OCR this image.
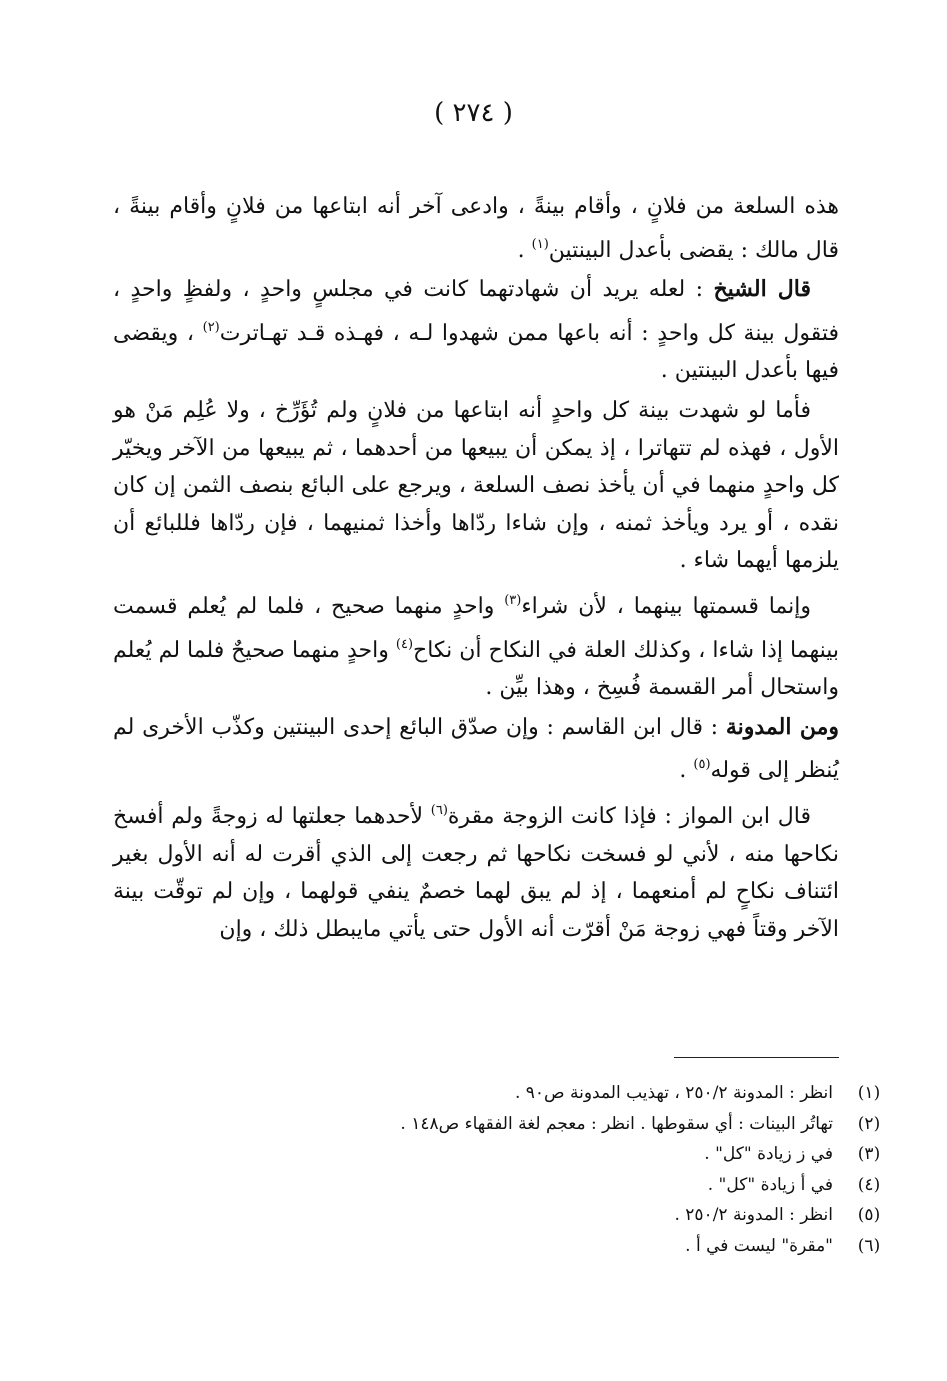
( ٢٧٤ )

هذه السلعة من فلانٍ ، وأقام بينةً ، وادعى آخر أنه ابتاعها من فلانٍ وأقام بينةً ، قال مالك : يقضى بأعدل البينتين$^{(١)}$ .

قال الشيخ : لعله يريد أن شهادتهما كانت في مجلسٍ واحدٍ ، ولفظٍ واحدٍ ، فتقول بينة كل واحدٍ : أنه باعها ممن شهدوا لـه ، فهـذه قـد تهـاترت$^{(٢)}$ ، ويقضى فيها بأعدل البينتين .

فأما لو شهدت بينة كل واحدٍ أنه ابتاعها من فلانٍ ولم تُؤَرِّخ ، ولا عُلِم مَنْ هو الأول ، فهذه لم تتهاترا ، إذ يمكن أن يبيعها من أحدهما ، ثم يبيعها من الآخر ويخيّر كل واحدٍ منهما في أن يأخذ نصف السلعة ، ويرجع على البائع بنصف الثمن إن كان نقده ، أو يرد ويأخذ ثمنه ، وإن شاءا ردّاها وأخذا ثمنيهما ، فإن ردّاها فللبائع أن يلزمها أيهما شاء .

وإنما قسمتها بينهما ، لأن شراء$^{(٣)}$ واحدٍ منهما صحيح ، فلما لم يُعلم قسمت بينهما إذا شاءا ، وكذلك العلة في النكاح أن نكاح$^{(٤)}$ واحدٍ منهما صحيحٌ فلما لم يُعلم واستحال أمر القسمة فُسِخ ، وهذا بيِّن .

ومن المدونة : قال ابن القاسم : وإن صدّق البائع إحدى البينتين وكذّب الأخرى لم يُنظر إلى قوله$^{(٥)}$ .

قال ابن المواز : فإذا كانت الزوجة مقرة$^{(٦)}$ لأحدهما جعلتها له زوجةً ولم أفسخ نكاحها منه ، لأني لو فسخت نكاحها ثم رجعت إلى الذي أقرت له أنه الأول بغير ائتناف نكاحٍ لم أمنعهما ، إذ لم يبق لهما خصمٌ ينفي قولهما ، وإن لم توقّت بينة الآخر وقتاً فهي زوجة مَنْ أقرّت أنه الأول حتى يأتي مايبطل ذلك ، وإن

(١)
انظر : المدونة ٢٥٠/٢ ، تهذيب المدونة ص٩٠ .
(٢)
تهاتُر البينات : أي سقوطها . انظر : معجم لغة الفقهاء ص١٤٨ .
(٣)
في ز زيادة "كل" .
(٤)
في أ زيادة "كل" .
(٥)
انظر : المدونة ٢٥٠/٢ .
(٦)
"مقرة" ليست في أ .
